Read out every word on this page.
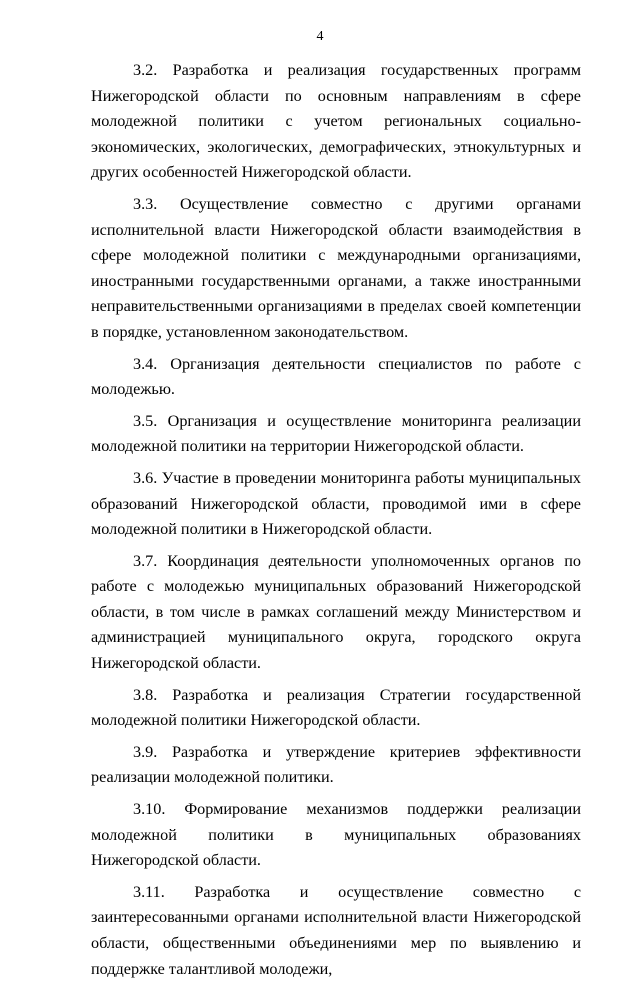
4

3.2. Разработка и реализация государственных программ Нижегородской области по основным направлениям в сфере молодежной политики с учетом региональных социально-экономических, экологических, демографических, этнокультурных и других особенностей Нижегородской области.

3.3. Осуществление совместно с другими органами исполнительной власти Нижегородской области взаимодействия в сфере молодежной политики с международными организациями, иностранными государственными органами, а также иностранными неправительственными организациями в пределах своей компетенции в порядке, установленном законодательством.

3.4. Организация деятельности специалистов по работе с молодежью.

3.5. Организация и осуществление мониторинга реализации молодежной политики на территории Нижегородской области.

3.6. Участие в проведении мониторинга работы муниципальных образований Нижегородской области, проводимой ими в сфере молодежной политики в Нижегородской области.

3.7. Координация деятельности уполномоченных органов по работе с молодежью муниципальных образований Нижегородской области, в том числе в рамках соглашений между Министерством и администрацией муниципального округа, городского округа Нижегородской области.

3.8. Разработка и реализация Стратегии государственной молодежной политики Нижегородской области.

3.9. Разработка и утверждение критериев эффективности реализации молодежной политики.

3.10. Формирование механизмов поддержки реализации молодежной политики в муниципальных образованиях Нижегородской области.

3.11. Разработка и осуществление совместно с заинтересованными органами исполнительной власти Нижегородской области, общественными объединениями мер по выявлению и поддержке талантливой молодежи,
